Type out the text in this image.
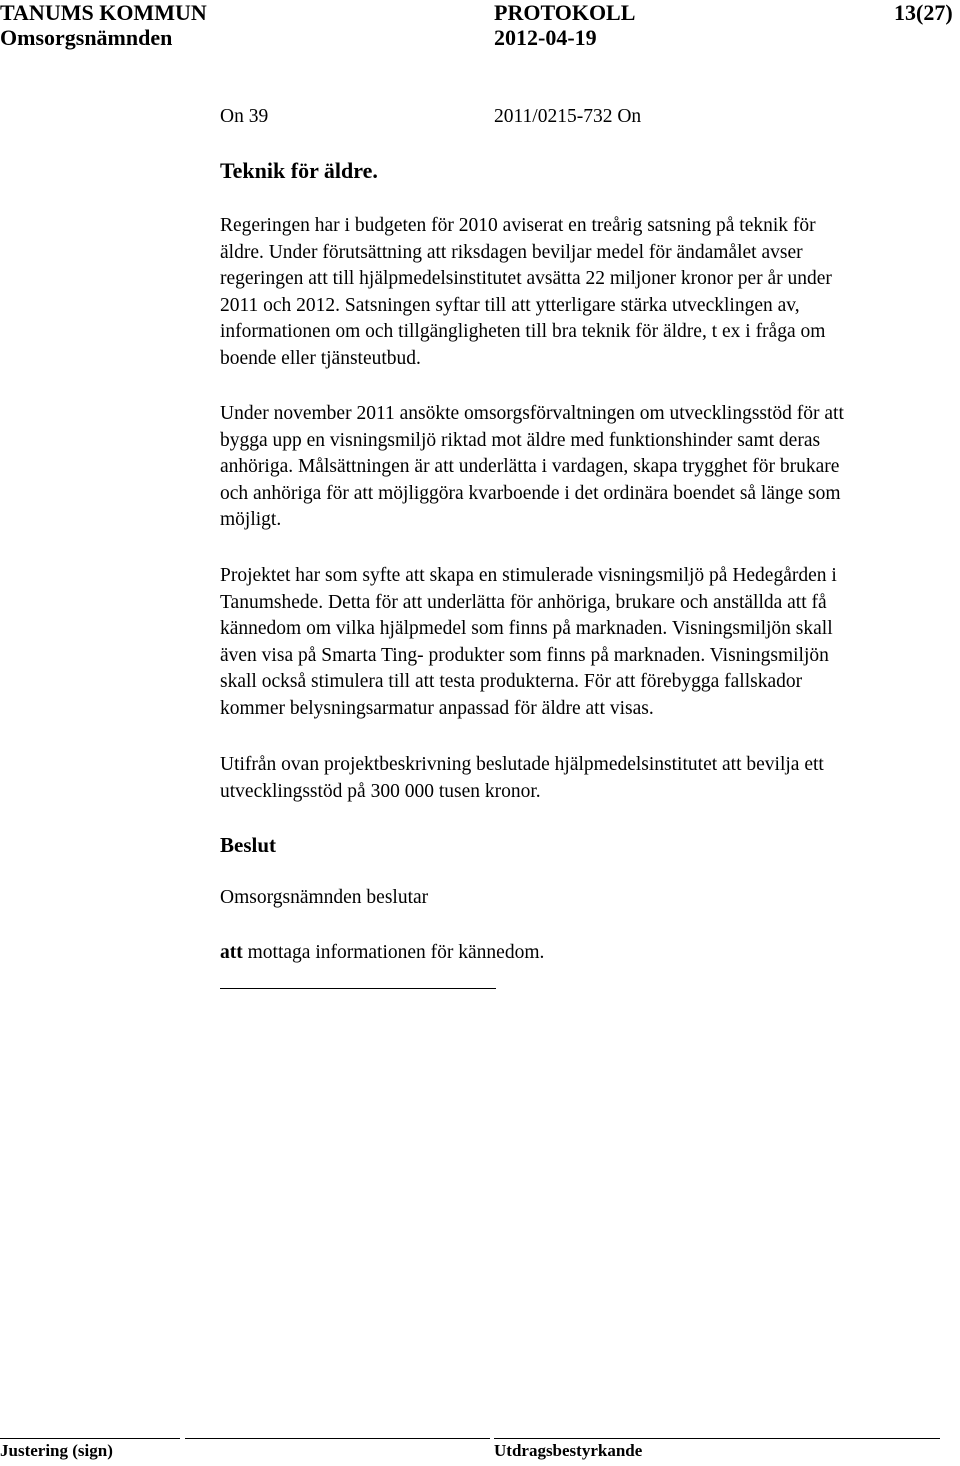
TANUMS KOMMUN	PROTOKOLL	13(27)
Omsorgsnämnden	2012-04-19
On 39	2011/0215-732 On
Teknik för äldre.
Regeringen har i budgeten för 2010 aviserat en treårig satsning på teknik för
äldre. Under förutsättning att riksdagen beviljar medel för ändamålet avser
regeringen att till hjälpmedelsinstitutet avsätta 22 miljoner kronor per år under
2011 och 2012. Satsningen syftar till att ytterligare stärka utvecklingen av,
informationen om och tillgängligheten till bra teknik för äldre, t ex i fråga om
boende eller tjänsteutbud.
Under november 2011 ansökte omsorgsförvaltningen om utvecklingsstöd för att
bygga upp en visningsmiljö riktad mot äldre med funktionshinder samt deras
anhöriga. Målsättningen är att underlätta i vardagen, skapa trygghet för brukare
och anhöriga för att möjliggöra kvarboende i det ordinära boendet så länge som
möjligt.
Projektet har som syfte att skapa en stimulerade visningsmiljö på Hedegården i
Tanumshede. Detta för att underlätta för anhöriga, brukare och anställda att få
kännedom om vilka hjälpmedel som finns på marknaden. Visningsmiljön skall
även visa på Smarta Ting- produkter som finns på marknaden. Visningsmiljön
skall också stimulera till att testa produkterna. För att förebygga fallskador
kommer belysningsarmatur anpassad för äldre att visas.
Utifrån ovan projektbeskrivning beslutade hjälpmedelsinstitutet att bevilja ett
utvecklingsstöd på 300 000 tusen kronor.
Beslut
Omsorgsnämnden beslutar
att mottaga informationen för kännedom.
Justering (sign)	Utdragsbestyrkande
